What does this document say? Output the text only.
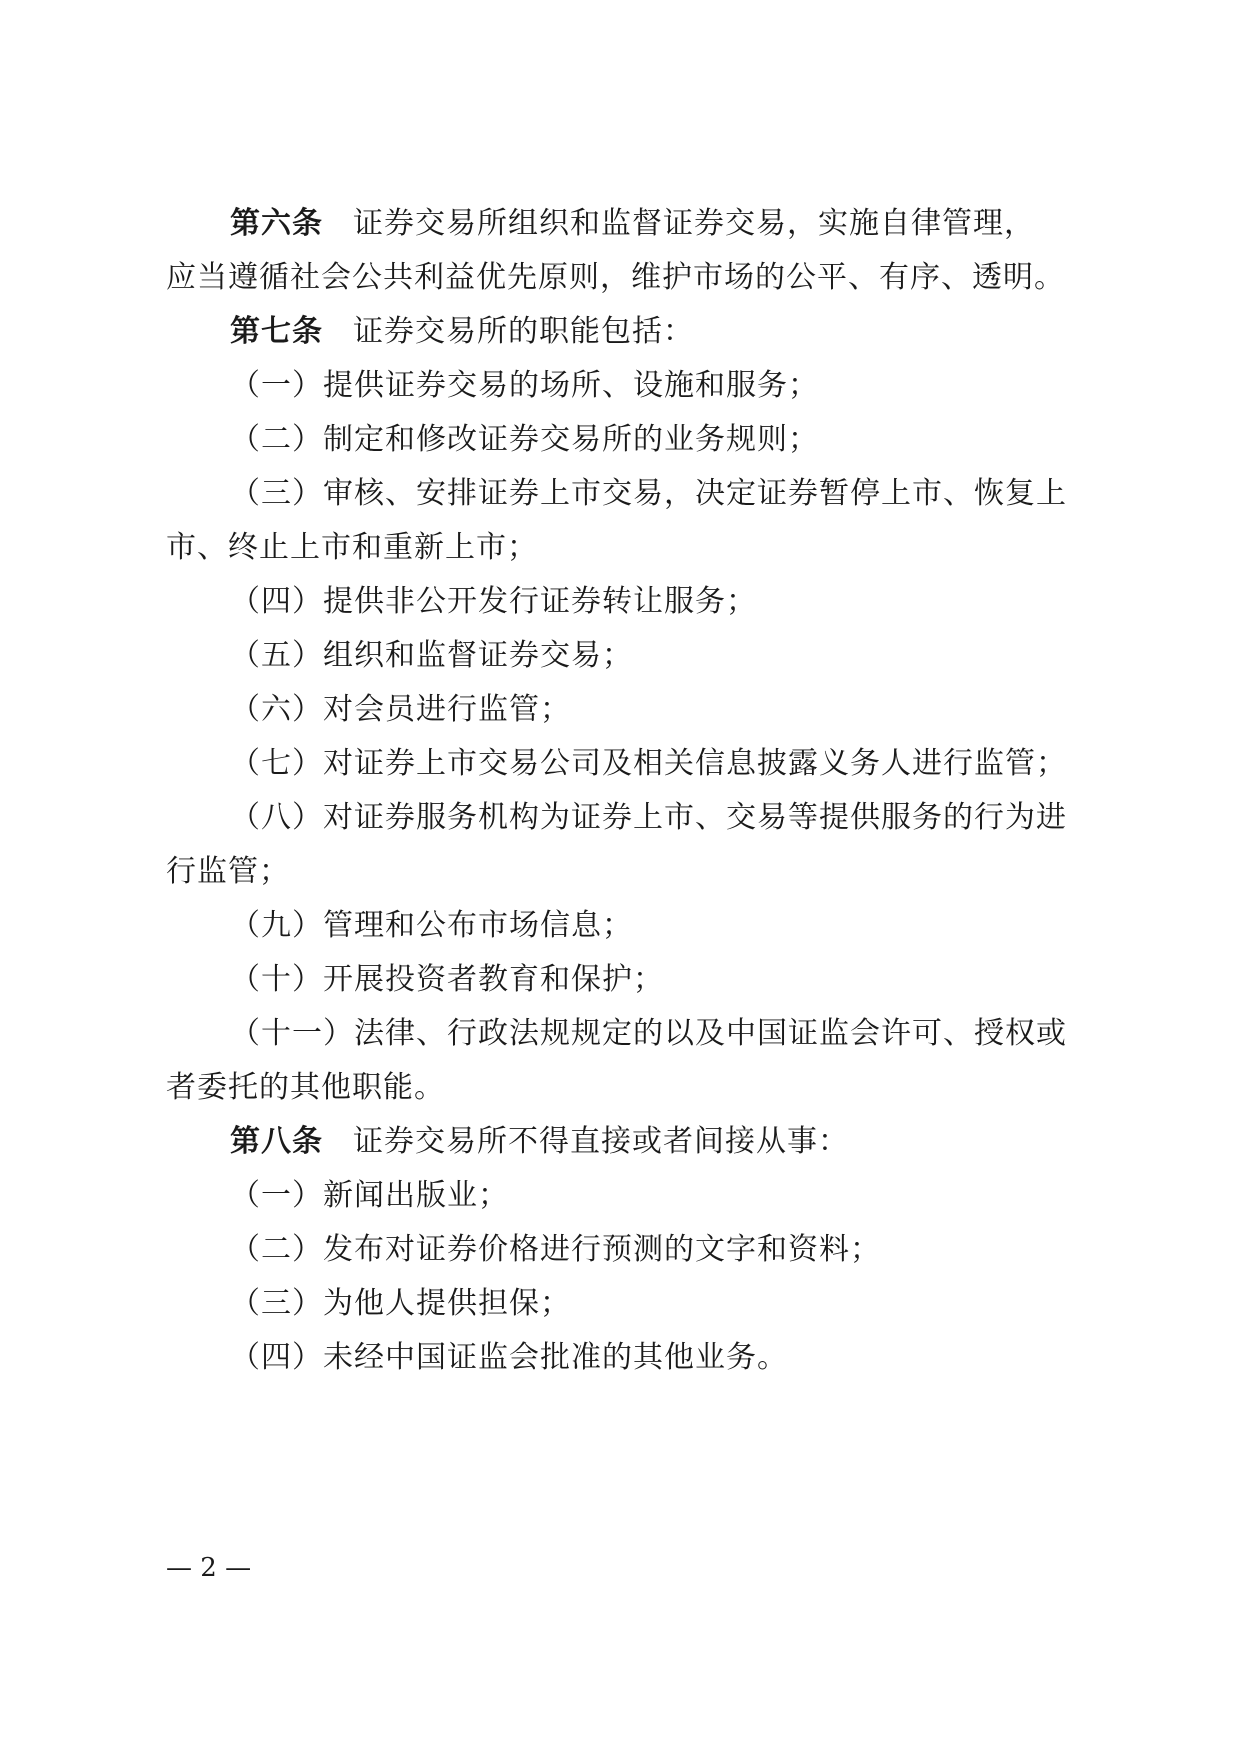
第六条 证券交易所组织和监督证券交易，实施自律管理，
应当遵循社会公共利益优先原则，维护市场的公平、有序、透明。
第七条 证券交易所的职能包括：
（一）提供证券交易的场所、设施和服务；
（二）制定和修改证券交易所的业务规则；
（三）审核、安排证券上市交易，决定证券暂停上市、恢复上
市、终止上市和重新上市；
（四）提供非公开发行证券转让服务；
（五）组织和监督证券交易；
（六）对会员进行监管；
（七）对证券上市交易公司及相关信息披露义务人进行监管；
（八）对证券服务机构为证券上市、交易等提供服务的行为进
行监管；
（九）管理和公布市场信息；
（十）开展投资者教育和保护；
（十一）法律、行政法规规定的以及中国证监会许可、授权或
者委托的其他职能。
第八条 证券交易所不得直接或者间接从事：
（一）新闻出版业；
（二）发布对证券价格进行预测的文字和资料；
（三）为他人提供担保；
（四）未经中国证监会批准的其他业务。
— 2 —
